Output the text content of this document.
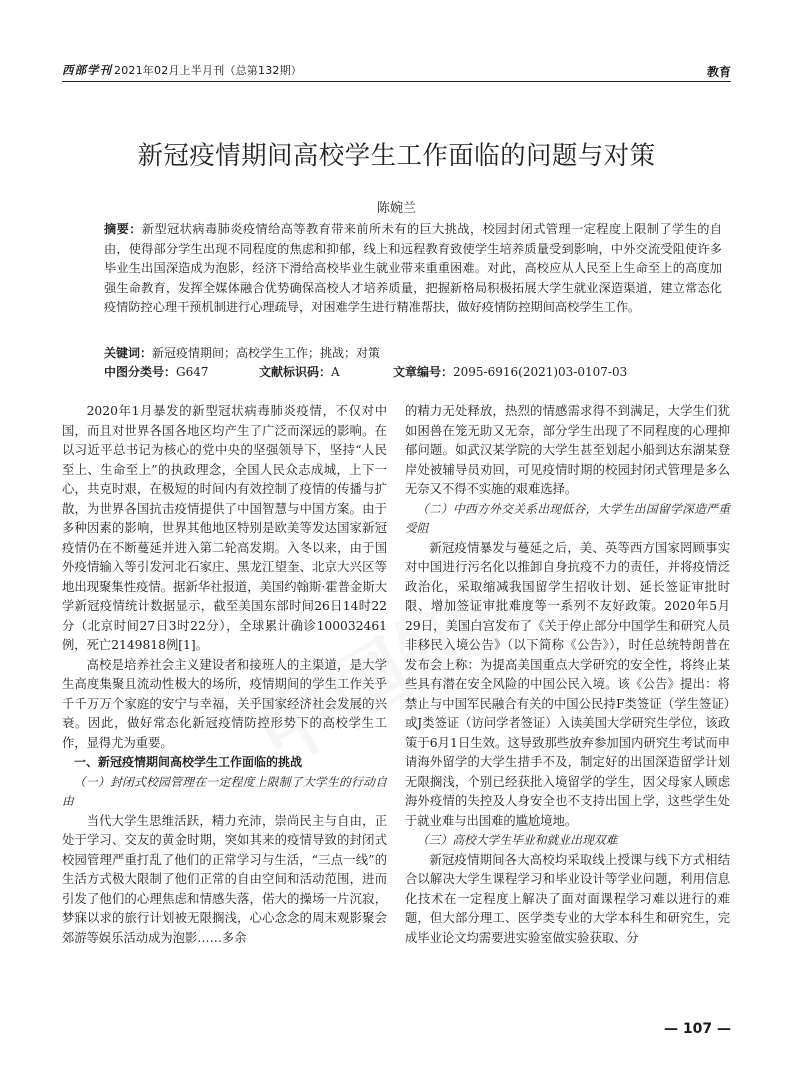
西部学刊 2021年02月上半月刊（总第132期）	教育
新冠疫情期间高校学生工作面临的问题与对策
陈婉兰
摘要：新型冠状病毒肺炎疫情给高等教育带来前所未有的巨大挑战，校园封闭式管理一定程度上限制了学生的自由，使得部分学生出现不同程度的焦虑和抑郁，线上和远程教育致使学生培养质量受到影响，中外交流受阻使许多毕业生出国深造成为泡影，经济下滑给高校毕业生就业带来重重困难。对此，高校应从人民至上生命至上的高度加强生命教育，发挥全媒体融合优势确保高校人才培养质量，把握新格局积极拓展大学生就业深造渠道，建立常态化疫情防控心理干预机制进行心理疏导，对困难学生进行精准帮扶，做好疫情防控期间高校学生工作。
关键词：新冠疫情期间；高校学生工作；挑战；对策
中图分类号：G647	文献标识码：A	文章编号：2095-6916(2021)03-0107-03

2020年1月暴发的新型冠状病毒肺炎疫情，不仅对中国，而且对世界各国各地区均产生了广泛而深远的影响。在以习近平总书记为核心的党中央的坚强领导下，坚持“人民至上、生命至上”的执政理念，全国人民众志成城，上下一心，共克时艰，在极短的时间内有效控制了疫情的传播与扩散，为世界各国抗击疫情提供了中国智慧与中国方案。由于多种因素的影响，世界其他地区特别是欧美等发达国家新冠疫情仍在不断蔓延并进入第二轮高发期。入冬以来，由于国外疫情输入等引发河北石家庄、黑龙江望奎、北京大兴区等地出现聚集性疫情。据新华社报道，美国约翰斯·霍普金斯大学新冠疫情统计数据显示，截至美国东部时间26日14时22分（北京时间27日3时22分），全球累计确诊100032461例，死亡2149818例[1]。

高校是培养社会主义建设者和接班人的主渠道，是大学生高度集聚且流动性极大的场所，疫情期间的学生工作关乎千千万万个家庭的安宁与幸福，关乎国家经济社会发展的兴衰。因此，做好常态化新冠疫情防控形势下的高校学生工作，显得尤为重要。

一、新冠疫情期间高校学生工作面临的挑战

（一）封闭式校园管理在一定程度上限制了大学生的行动自由

当代大学生思维活跃，精力充沛，崇尚民主与自由，正处于学习、交友的黄金时期，突如其来的疫情导致的封闭式校园管理严重打乱了他们的正常学习与生活，“三点一线”的生活方式极大限制了他们正常的自由空间和活动范围，进而引发了他们的心理焦虑和情感失落，偌大的操场一片沉寂，梦寐以求的旅行计划被无限搁浅，心心念念的周末观影聚会郊游等娱乐活动成为泡影……多余

的精力无处释放，热烈的情感需求得不到满足，大学生们犹如困兽在笼无助又无奈，部分学生出现了不同程度的心理抑郁问题。如武汉某学院的大学生甚至划起小船到达东湖某登岸处被辅导员劝回，可见疫情时期的校园封闭式管理是多么无奈又不得不实施的艰难选择。

（二）中西方外交关系出现低谷，大学生出国留学深造严重受阻

新冠疫情暴发与蔓延之后，美、英等西方国家罔顾事实对中国进行污名化以推卸自身抗疫不力的责任，并将疫情泛政治化，采取缩减我国留学生招收计划、延长签证审批时限、增加签证审批难度等一系列不友好政策。2020年5月29日，美国白宫发布了《关于停止部分中国学生和研究人员非移民入境公告》（以下简称《公告》），时任总统特朗普在发布会上称：为提高美国重点大学研究的安全性，将终止某些具有潜在安全风险的中国公民入境。该《公告》提出：将禁止与中国军民融合有关的中国公民持F类签证（学生签证）或J类签证（访问学者签证）入读美国大学研究生学位，该政策于6月1日生效。这导致那些放弃参加国内研究生考试而申请海外留学的大学生措手不及，制定好的出国深造留学计划无限搁浅，个别已经获批入境留学的学生，因父母家人顾虑海外疫情的失控及人身安全也不支持出国上学，这些学生处于就业难与出国难的尴尬境地。

（三）高校大学生毕业和就业出现双难

新冠疫情期间各大高校均采取线上授课与线下方式相结合以解决大学生课程学习和毕业设计等学业问题，利用信息化技术在一定程度上解决了面对面课程学习难以进行的难题，但大部分理工、医学类专业的大学本科生和研究生，完成毕业论文均需要进实验室做实验获取、分

— 107 —
